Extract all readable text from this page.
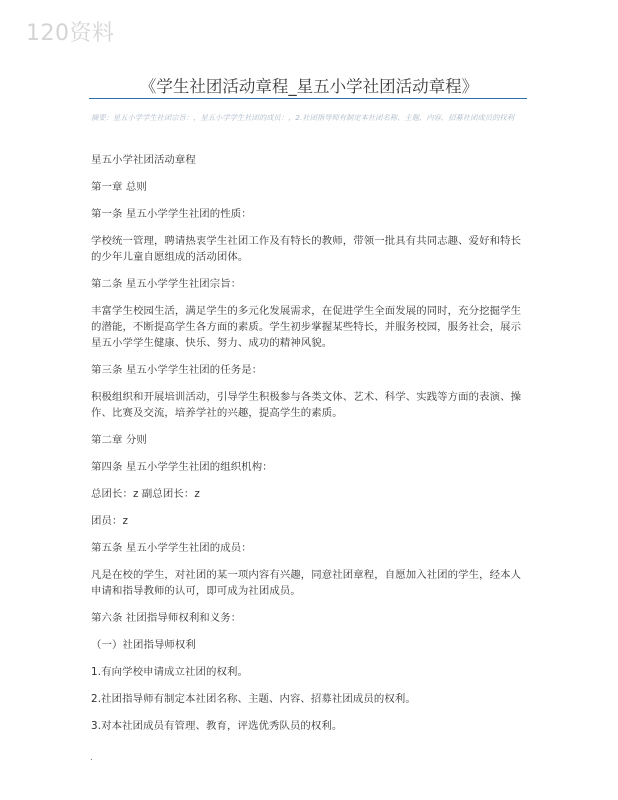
120资料
《学生社团活动章程_星五小学社团活动章程》
摘要：星五小学学生社团宗旨：，星五小学学生社团的成员：，2.社团指导师有制定本社团名称、主题、内容、招募社团成员的权利

星五小学社团活动章程

第一章 总则

第一条 星五小学学生社团的性质：

学校统一管理，聘请热衷学生社团工作及有特长的教师，带领一批具有共同志趣、爱好和特长的少年儿童自愿组成的活动团体。

第二条 星五小学学生社团宗旨：

丰富学生校园生活，满足学生的多元化发展需求，在促进学生全面发展的同时，充分挖掘学生的潜能，不断提高学生各方面的素质。学生初步掌握某些特长，并服务校园，服务社会，展示星五小学学生健康、快乐、努力、成功的精神风貌。

第三条 星五小学学生社团的任务是：

积极组织和开展培训活动，引导学生积极参与各类文体、艺术、科学、实践等方面的表演、操作、比赛及交流，培养学社的兴趣，提高学生的素质。

第二章 分则

第四条 星五小学学生社团的组织机构：

总团长：z 副总团长：z

团员：z

第五条 星五小学学生社团的成员：

凡是在校的学生，对社团的某一项内容有兴趣，同意社团章程，自愿加入社团的学生，经本人申请和指导教师的认可，即可成为社团成员。

第六条 社团指导师权利和义务：

（一）社团指导师权利

1.有向学校申请成立社团的权利。

2.社团指导师有制定本社团名称、主题、内容、招募社团成员的权利。

3.对本社团成员有管理、教育，评选优秀队员的权利。

.
